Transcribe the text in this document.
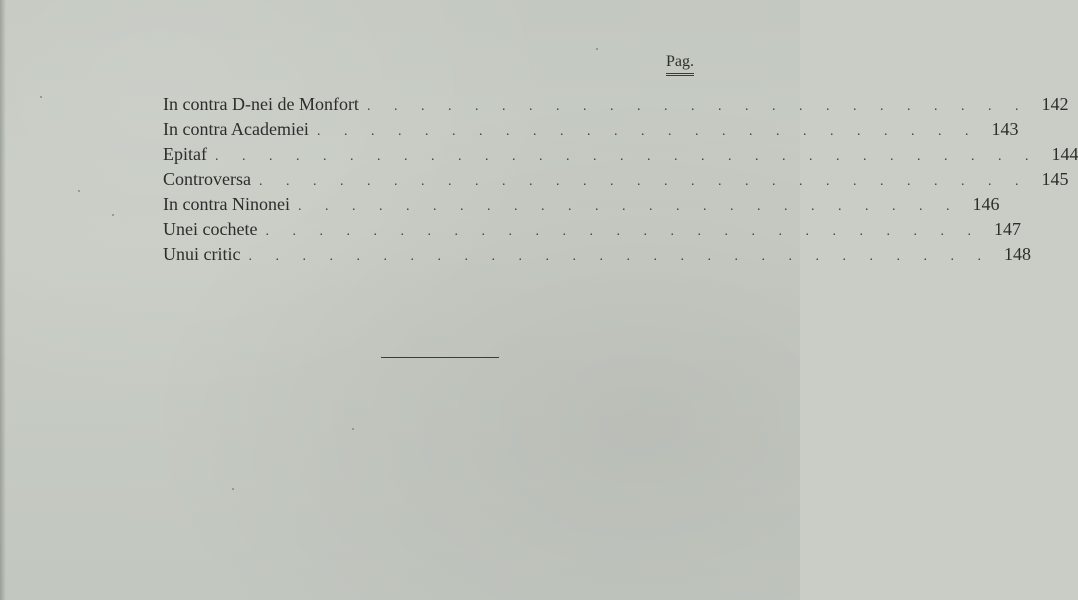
Pag.
In contra D-nei de Monfort . . . . . . . . . . . . . . . . . . . . . . . . . 142
In contra Academiei . . . . . . . . . . . . . . . . . . . . . . . . . 143
Epitaf . . . . . . . . . . . . . . . . . . . . . . . . . . . . . . . 144
Controversa . . . . . . . . . . . . . . . . . . . . . . . . . . . . . 145
In contra Ninonei . . . . . . . . . . . . . . . . . . . . . . . . . 146
Unei cochete . . . . . . . . . . . . . . . . . . . . . . . . . . . 147
Unui critic . . . . . . . . . . . . . . . . . . . . . . . . . . . . 148
